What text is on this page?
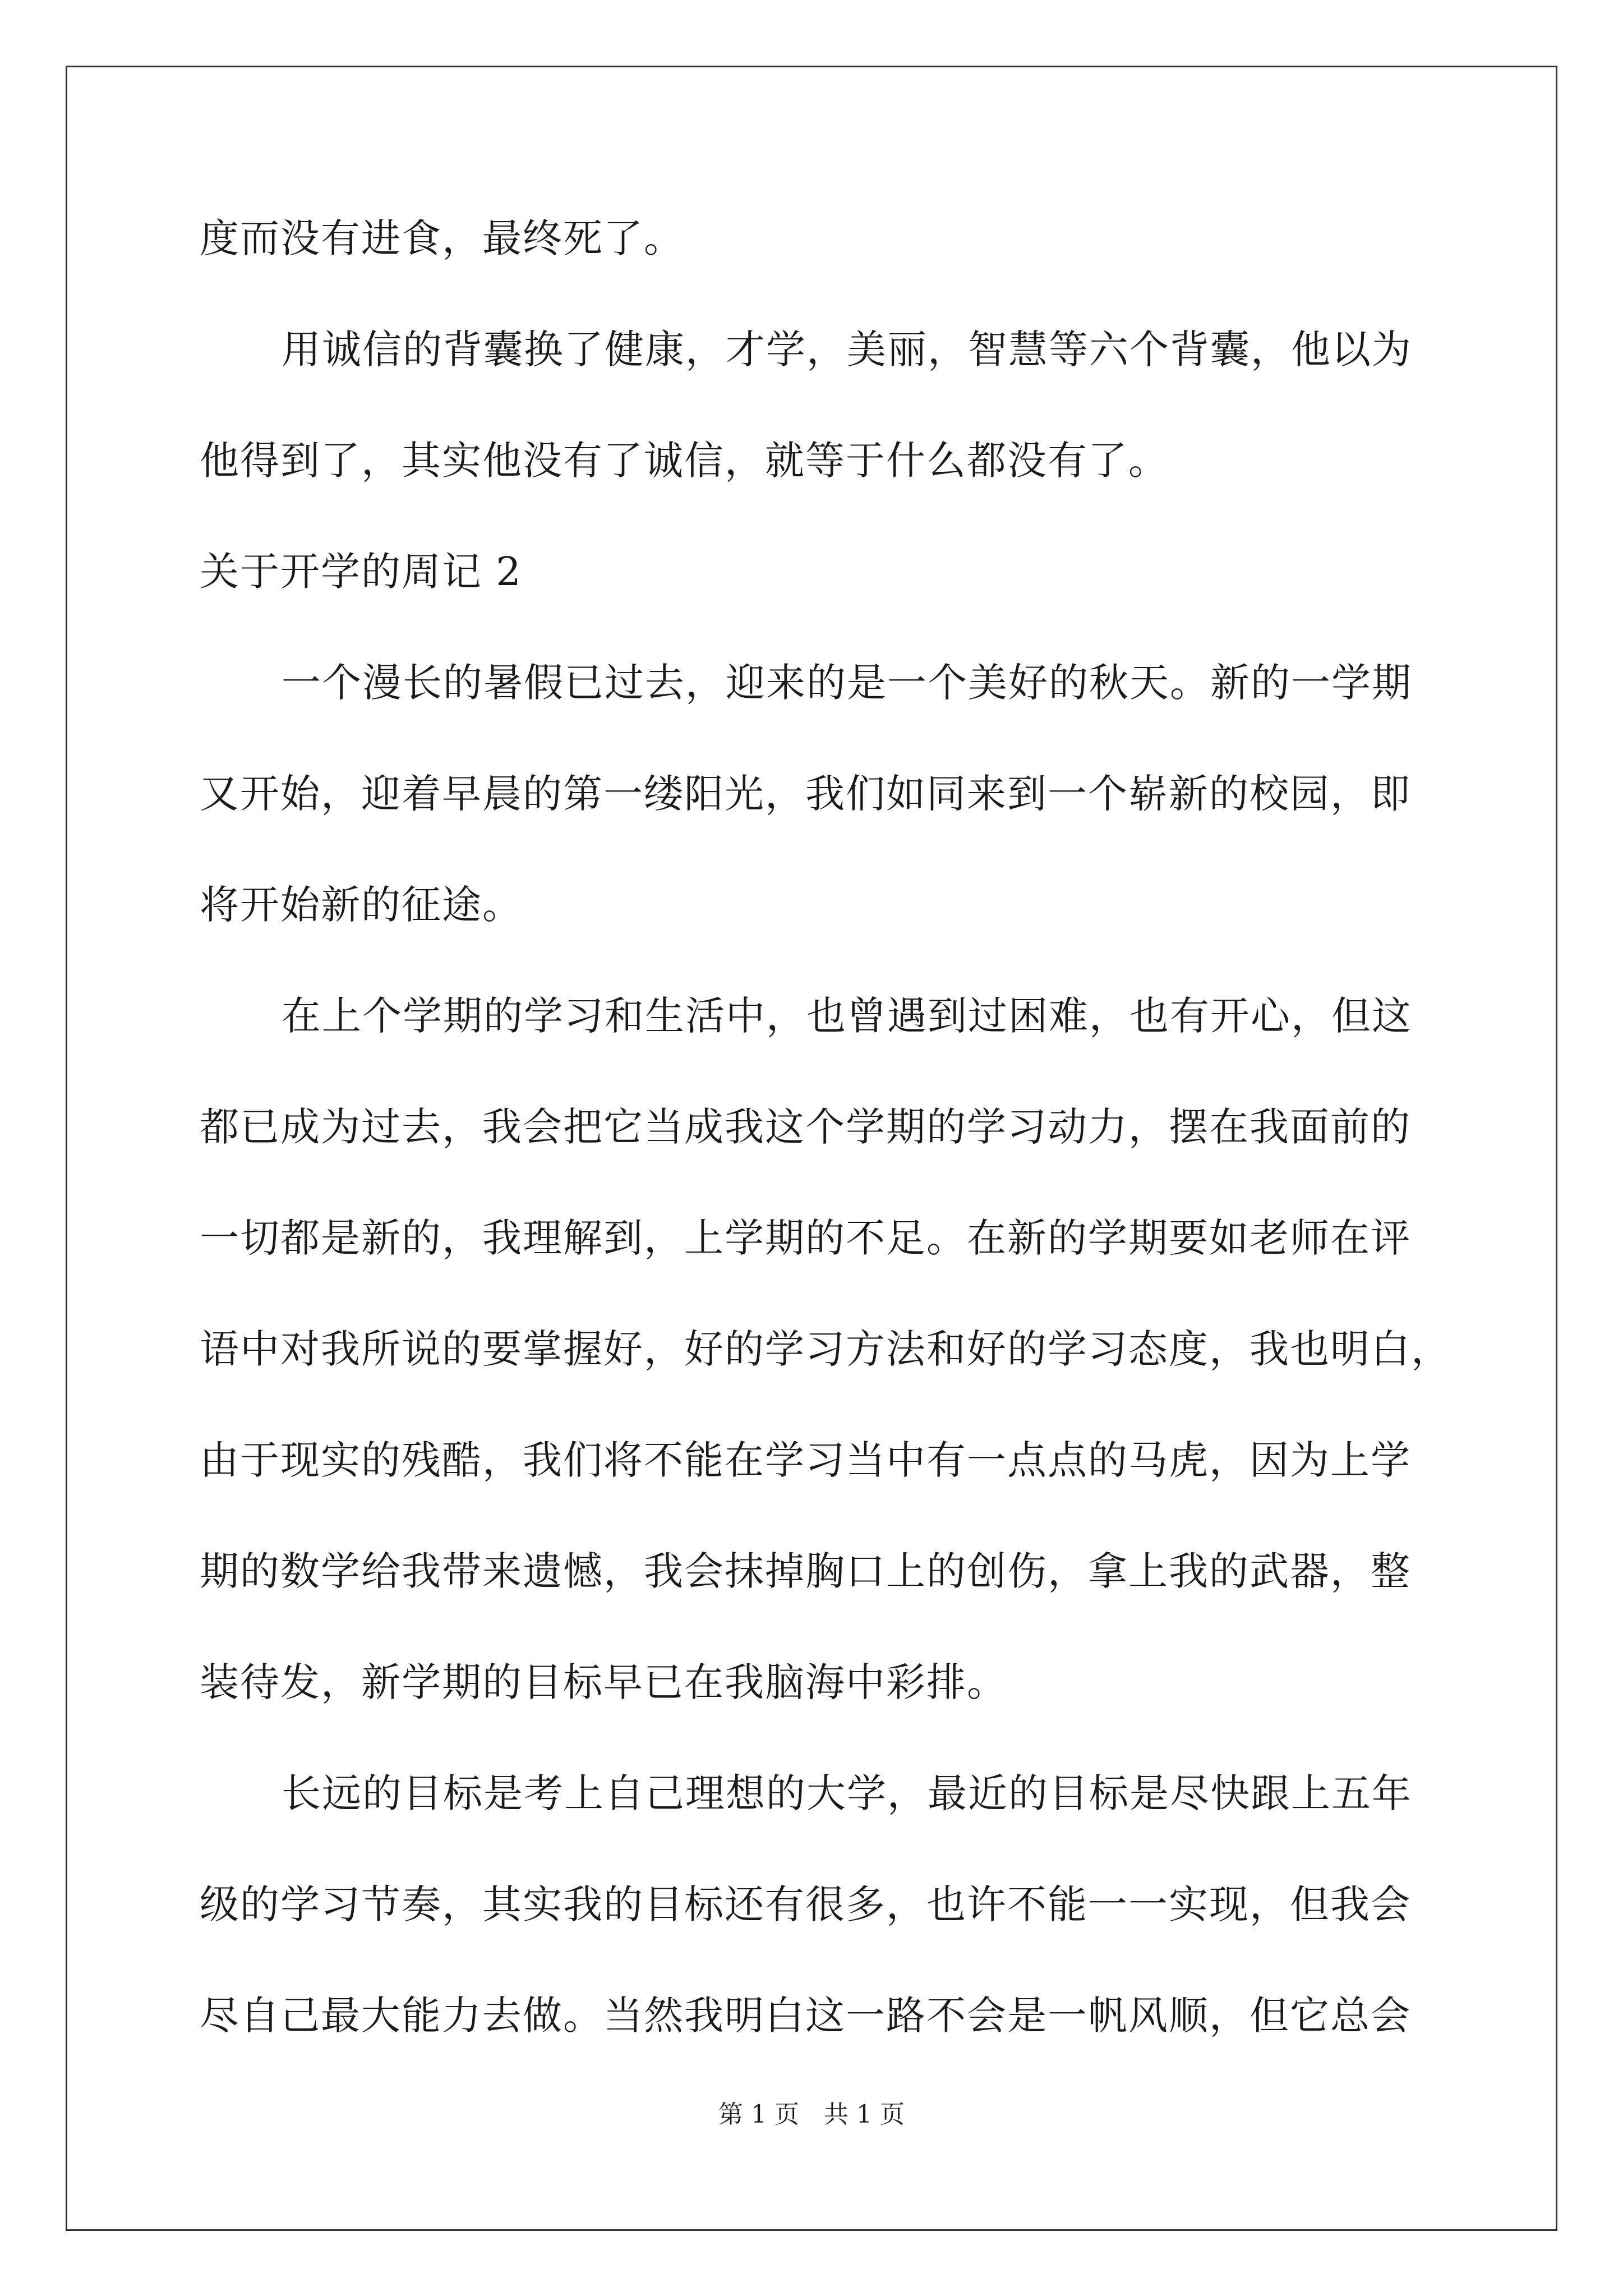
度而没有进食，最终死了。
用诚信的背囊换了健康，才学，美丽，智慧等六个背囊，他以为
他得到了，其实他没有了诚信，就等于什么都没有了。
关于开学的周记 2
一个漫长的暑假已过去，迎来的是一个美好的秋天。新的一学期
又开始，迎着早晨的第一缕阳光，我们如同来到一个崭新的校园，即
将开始新的征途。
在上个学期的学习和生活中，也曾遇到过困难，也有开心，但这
都已成为过去，我会把它当成我这个学期的学习动力，摆在我面前的
一切都是新的，我理解到，上学期的不足。在新的学期要如老师在评
语中对我所说的要掌握好，好的学习方法和好的学习态度，我也明白，
由于现实的残酷，我们将不能在学习当中有一点点的马虎，因为上学
期的数学给我带来遗憾，我会抹掉胸口上的创伤，拿上我的武器，整
装待发，新学期的目标早已在我脑海中彩排。
长远的目标是考上自己理想的大学，最近的目标是尽快跟上五年
级的学习节奏，其实我的目标还有很多，也许不能一一实现，但我会
尽自己最大能力去做。当然我明白这一路不会是一帆风顺，但它总会
第 1 页　共 1 页
